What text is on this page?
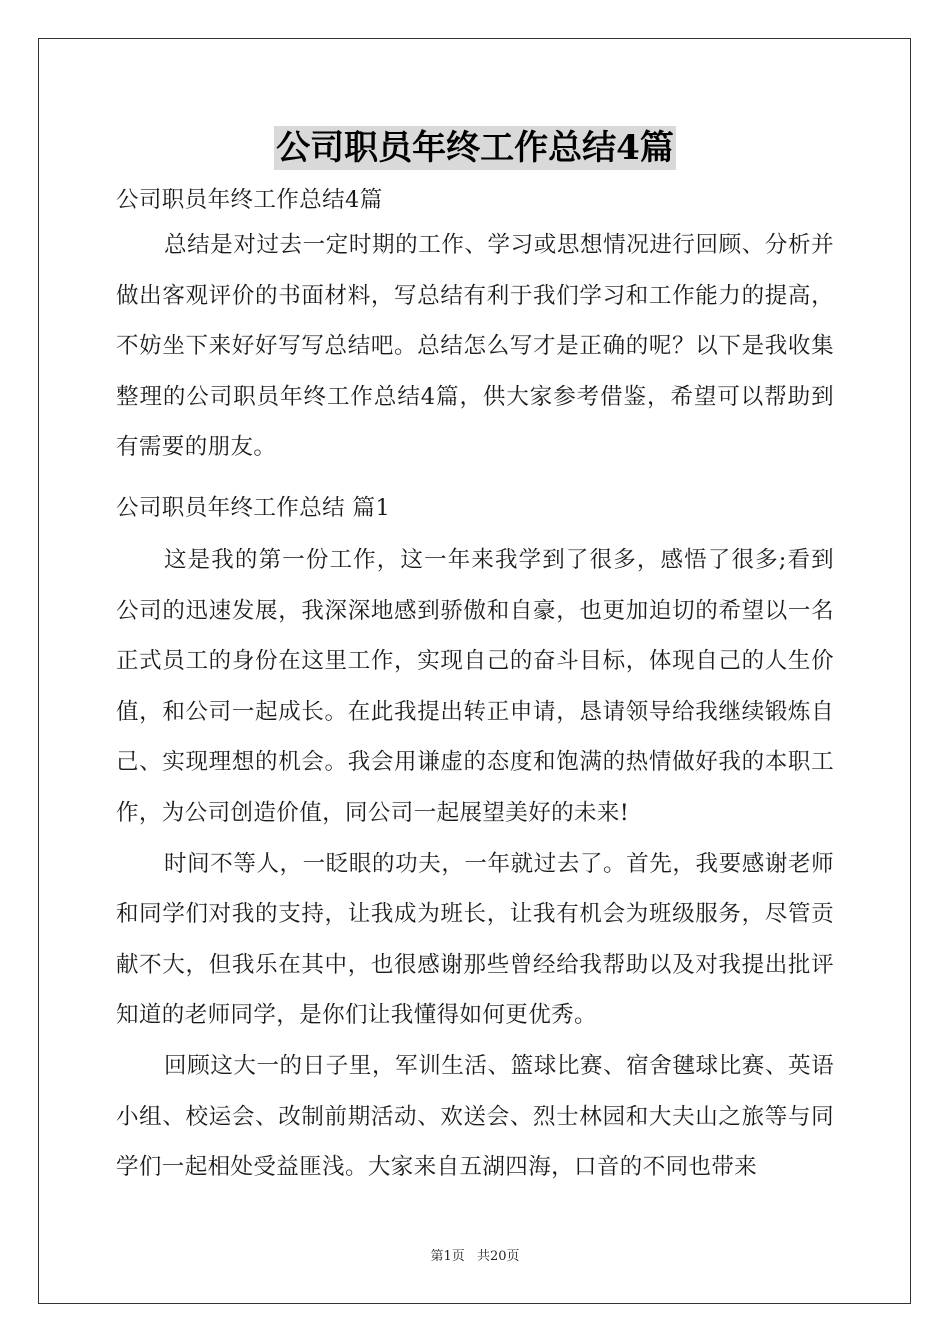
公司职员年终工作总结4篇

公司职员年终工作总结4篇

总结是对过去一定时期的工作、学习或思想情况进行回顾、分析并做出客观评价的书面材料，写总结有利于我们学习和工作能力的提高，不妨坐下来好好写写总结吧。总结怎么写才是正确的呢？以下是我收集整理的公司职员年终工作总结4篇，供大家参考借鉴，希望可以帮助到有需要的朋友。

公司职员年终工作总结 篇1

这是我的第一份工作，这一年来我学到了很多，感悟了很多;看到公司的迅速发展，我深深地感到骄傲和自豪，也更加迫切的希望以一名正式员工的身份在这里工作，实现自己的奋斗目标，体现自己的人生价值，和公司一起成长。在此我提出转正申请，恳请领导给我继续锻炼自己、实现理想的机会。我会用谦虚的态度和饱满的热情做好我的本职工作，为公司创造价值，同公司一起展望美好的未来!

时间不等人，一眨眼的功夫，一年就过去了。首先，我要感谢老师和同学们对我的支持，让我成为班长，让我有机会为班级服务，尽管贡献不大，但我乐在其中，也很感谢那些曾经给我帮助以及对我提出批评知道的老师同学，是你们让我懂得如何更优秀。

回顾这大一的日子里，军训生活、篮球比赛、宿舍毽球比赛、英语小组、校运会、改制前期活动、欢送会、烈士林园和大夫山之旅等与同学们一起相处受益匪浅。大家来自五湖四海，口音的不同也带来

第1页 共20页
